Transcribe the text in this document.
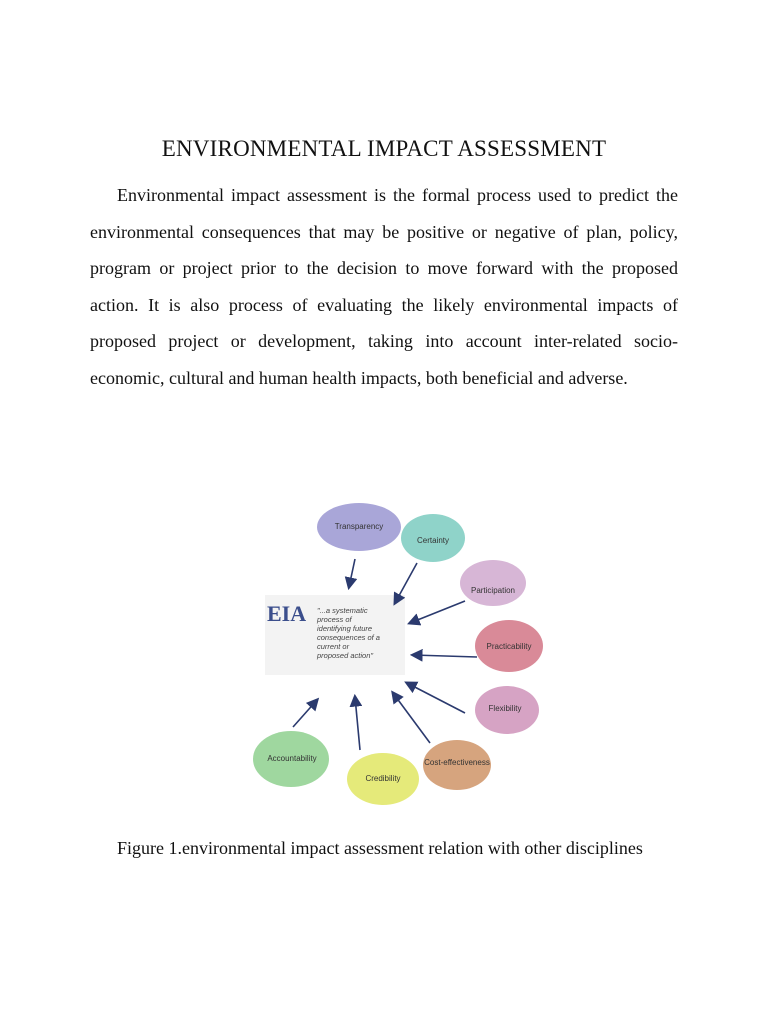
ENVIRONMENTAL IMPACT ASSESSMENT

Environmental impact assessment is the formal process used to predict the environmental consequences that may be positive or negative of plan, policy, program or project prior to the decision to move forward with the proposed action. It is also process of evaluating the likely environmental impacts of proposed project or development, taking into account inter-related socio-economic, cultural and human health impacts, both beneficial and adverse.

EIA "...a systematic process of identifying future consequences of a current or proposed action"
Transparency
Certainty
Participation
Practicability
Flexibility
Cost-effectiveness
Credibility
Accountability

Figure 1.environmental impact assessment relation with other disciplines
